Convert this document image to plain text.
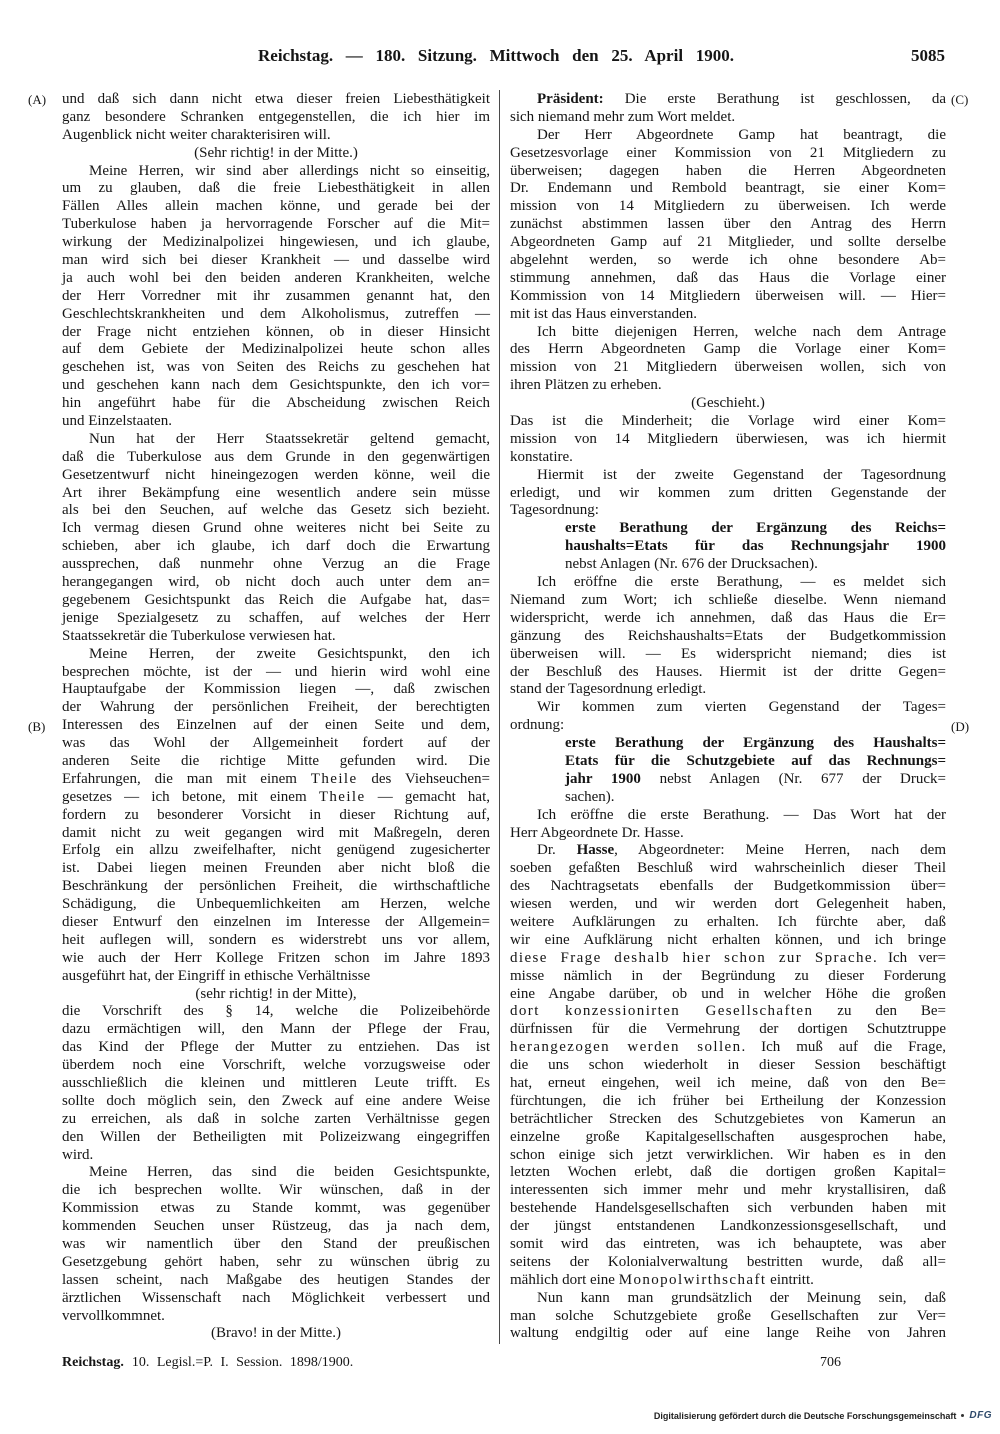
Reichstag. — 180. Sitzung. Mittwoch den 25. April 1900.	5085
(A)
(B)
(C)
(D)
und daß sich dann nicht etwa dieser freien Liebesthätigkeit
ganz besondere Schranken entgegenstellen, die ich hier im
Augenblick nicht weiter charakterisiren will.
(Sehr richtig! in der Mitte.)
Meine Herren, wir sind aber allerdings nicht so einseitig,
um zu glauben, daß die freie Liebesthätigkeit in allen
Fällen Alles allein machen könne, und gerade bei der
Tuberkulose haben ja hervorragende Forscher auf die Mit=
wirkung der Medizinalpolizei hingewiesen, und ich glaube,
man wird sich bei dieser Krankheit — und dasselbe wird
ja auch wohl bei den beiden anderen Krankheiten, welche
der Herr Vorredner mit ihr zusammen genannt hat, den
Geschlechtskrankheiten und dem Alkoholismus, zutreffen —
der Frage nicht entziehen können, ob in dieser Hinsicht
auf dem Gebiete der Medizinalpolizei heute schon alles
geschehen ist, was von Seiten des Reichs zu geschehen hat
und geschehen kann nach dem Gesichtspunkte, den ich vor=
hin angeführt habe für die Abscheidung zwischen Reich
und Einzelstaaten.
Nun hat der Herr Staatssekretär geltend gemacht,
daß die Tuberkulose aus dem Grunde in den gegenwärtigen
Gesetzentwurf nicht hineingezogen werden könne, weil die
Art ihrer Bekämpfung eine wesentlich andere sein müsse
als bei den Seuchen, auf welche das Gesetz sich bezieht.
Ich vermag diesen Grund ohne weiteres nicht bei Seite zu
schieben, aber ich glaube, ich darf doch die Erwartung
aussprechen, daß nunmehr ohne Verzug an die Frage
herangegangen wird, ob nicht doch auch unter dem an=
gegebenem Gesichtspunkt das Reich die Aufgabe hat, das=
jenige Spezialgesetz zu schaffen, auf welches der Herr
Staatssekretär die Tuberkulose verwiesen hat.
Meine Herren, der zweite Gesichtspunkt, den ich
besprechen möchte, ist der — und hierin wird wohl eine
Hauptaufgabe der Kommission liegen —, daß zwischen
der Wahrung der persönlichen Freiheit, der berechtigten
Interessen des Einzelnen auf der einen Seite und dem,
was das Wohl der Allgemeinheit fordert auf der
anderen Seite die richtige Mitte gefunden wird. Die
Erfahrungen, die man mit einem Theile des Viehseuchen=
gesetzes — ich betone, mit einem Theile — gemacht hat,
fordern zu besonderer Vorsicht in dieser Richtung auf,
damit nicht zu weit gegangen wird mit Maßregeln, deren
Erfolg ein allzu zweifelhafter, nicht genügend zugesicherter
ist. Dabei liegen meinen Freunden aber nicht bloß die
Beschränkung der persönlichen Freiheit, die wirthschaftliche
Schädigung, die Unbequemlichkeiten am Herzen, welche
dieser Entwurf den einzelnen im Interesse der Allgemein=
heit auflegen will, sondern es widerstrebt uns vor allem,
wie auch der Herr Kollege Fritzen schon im Jahre 1893
ausgeführt hat, der Eingriff in ethische Verhältnisse
(sehr richtig! in der Mitte),
die Vorschrift des § 14, welche die Polizeibehörde
dazu ermächtigen will, den Mann der Pflege der Frau,
das Kind der Pflege der Mutter zu entziehen. Das ist
überdem noch eine Vorschrift, welche vorzugsweise oder
ausschließlich die kleinen und mittleren Leute trifft. Es
sollte doch möglich sein, den Zweck auf eine andere Weise
zu erreichen, als daß in solche zarten Verhältnisse gegen
den Willen der Betheiligten mit Polizeizwang eingegriffen
wird.
Meine Herren, das sind die beiden Gesichtspunkte,
die ich besprechen wollte. Wir wünschen, daß in der
Kommission etwas zu Stande kommt, was gegenüber
kommenden Seuchen unser Rüstzeug, das ja nach dem,
was wir namentlich über den Stand der preußischen
Gesetzgebung gehört haben, sehr zu wünschen übrig zu
lassen scheint, nach Maßgabe des heutigen Standes der
ärztlichen Wissenschaft nach Möglichkeit verbessert und
vervollkommnet.
(Bravo! in der Mitte.)
Präsident: Die erste Berathung ist geschlossen, da
sich niemand mehr zum Wort meldet.
Der Herr Abgeordnete Gamp hat beantragt, die
Gesetzesvorlage einer Kommission von 21 Mitgliedern zu
überweisen; dagegen haben die Herren Abgeordneten
Dr. Endemann und Rembold beantragt, sie einer Kom=
mission von 14 Mitgliedern zu überweisen. Ich werde
zunächst abstimmen lassen über den Antrag des Herrn
Abgeordneten Gamp auf 21 Mitglieder, und sollte derselbe
abgelehnt werden, so werde ich ohne besondere Ab=
stimmung annehmen, daß das Haus die Vorlage einer
Kommission von 14 Mitgliedern überweisen will. — Hier=
mit ist das Haus einverstanden.
Ich bitte diejenigen Herren, welche nach dem Antrage
des Herrn Abgeordneten Gamp die Vorlage einer Kom=
mission von 21 Mitgliedern überweisen wollen, sich von
ihren Plätzen zu erheben.
(Geschieht.)
Das ist die Minderheit; die Vorlage wird einer Kom=
mission von 14 Mitgliedern überwiesen, was ich hiermit
konstatire.
Hiermit ist der zweite Gegenstand der Tagesordnung
erledigt, und wir kommen zum dritten Gegenstande der
Tagesordnung:
erste Berathung der Ergänzung des Reichs=
haushalts=Etats für das Rechnungsjahr 1900
nebst Anlagen (Nr. 676 der Drucksachen).
Ich eröffne die erste Berathung, — es meldet sich
Niemand zum Wort; ich schließe dieselbe. Wenn niemand
widerspricht, werde ich annehmen, daß das Haus die Er=
gänzung des Reichshaushalts=Etats der Budgetkommission
überweisen will. — Es widerspricht niemand; dies ist
der Beschluß des Hauses. Hiermit ist der dritte Gegen=
stand der Tagesordnung erledigt.
Wir kommen zum vierten Gegenstand der Tages=
ordnung:
erste Berathung der Ergänzung des Haushalts=
Etats für die Schutzgebiete auf das Rechnungs=
jahr 1900 nebst Anlagen (Nr. 677 der Druck=
sachen).
Ich eröffne die erste Berathung. — Das Wort hat der
Herr Abgeordnete Dr. Hasse.
Dr. Hasse, Abgeordneter: Meine Herren, nach dem
soeben gefaßten Beschluß wird wahrscheinlich dieser Theil
des Nachtragsetats ebenfalls der Budgetkommission über=
wiesen werden, und wir werden dort Gelegenheit haben,
weitere Aufklärungen zu erhalten. Ich fürchte aber, daß
wir eine Aufklärung nicht erhalten können, und ich bringe
diese Frage deshalb hier schon zur Sprache. Ich ver=
misse nämlich in der Begründung zu dieser Forderung
eine Angabe darüber, ob und in welcher Höhe die großen
dort konzessionirten Gesellschaften zu den Be=
dürfnissen für die Vermehrung der dortigen Schutztruppe
herangezogen werden sollen. Ich muß auf die Frage,
die uns schon wiederholt in dieser Session beschäftigt
hat, erneut eingehen, weil ich meine, daß von den Be=
fürchtungen, die ich früher bei Ertheilung der Konzession
beträchtlicher Strecken des Schutzgebietes von Kamerun an
einzelne große Kapitalgesellschaften ausgesprochen habe,
schon einige sich jetzt verwirklichen. Wir haben es in den
letzten Wochen erlebt, daß die dortigen großen Kapital=
interessenten sich immer mehr und mehr krystallisiren, daß
bestehende Handelsgesellschaften sich verbunden haben mit
der jüngst entstandenen Landkonzessionsgesellschaft, und
somit wird das eintreten, was ich behauptete, was aber
seitens der Kolonialverwaltung bestritten wurde, daß all=
mählich dort eine Monopolwirthschaft eintritt.
Nun kann man grundsätzlich der Meinung sein, daß
man solche Schutzgebiete große Gesellschaften zur Ver=
waltung endgiltig oder auf eine lange Reihe von Jahren
Reichstag. 10. Legisl.=P. I. Session. 1898/1900.	706
Digitalisierung gefördert durch die Deutsche Forschungsgemeinschaft DFG
